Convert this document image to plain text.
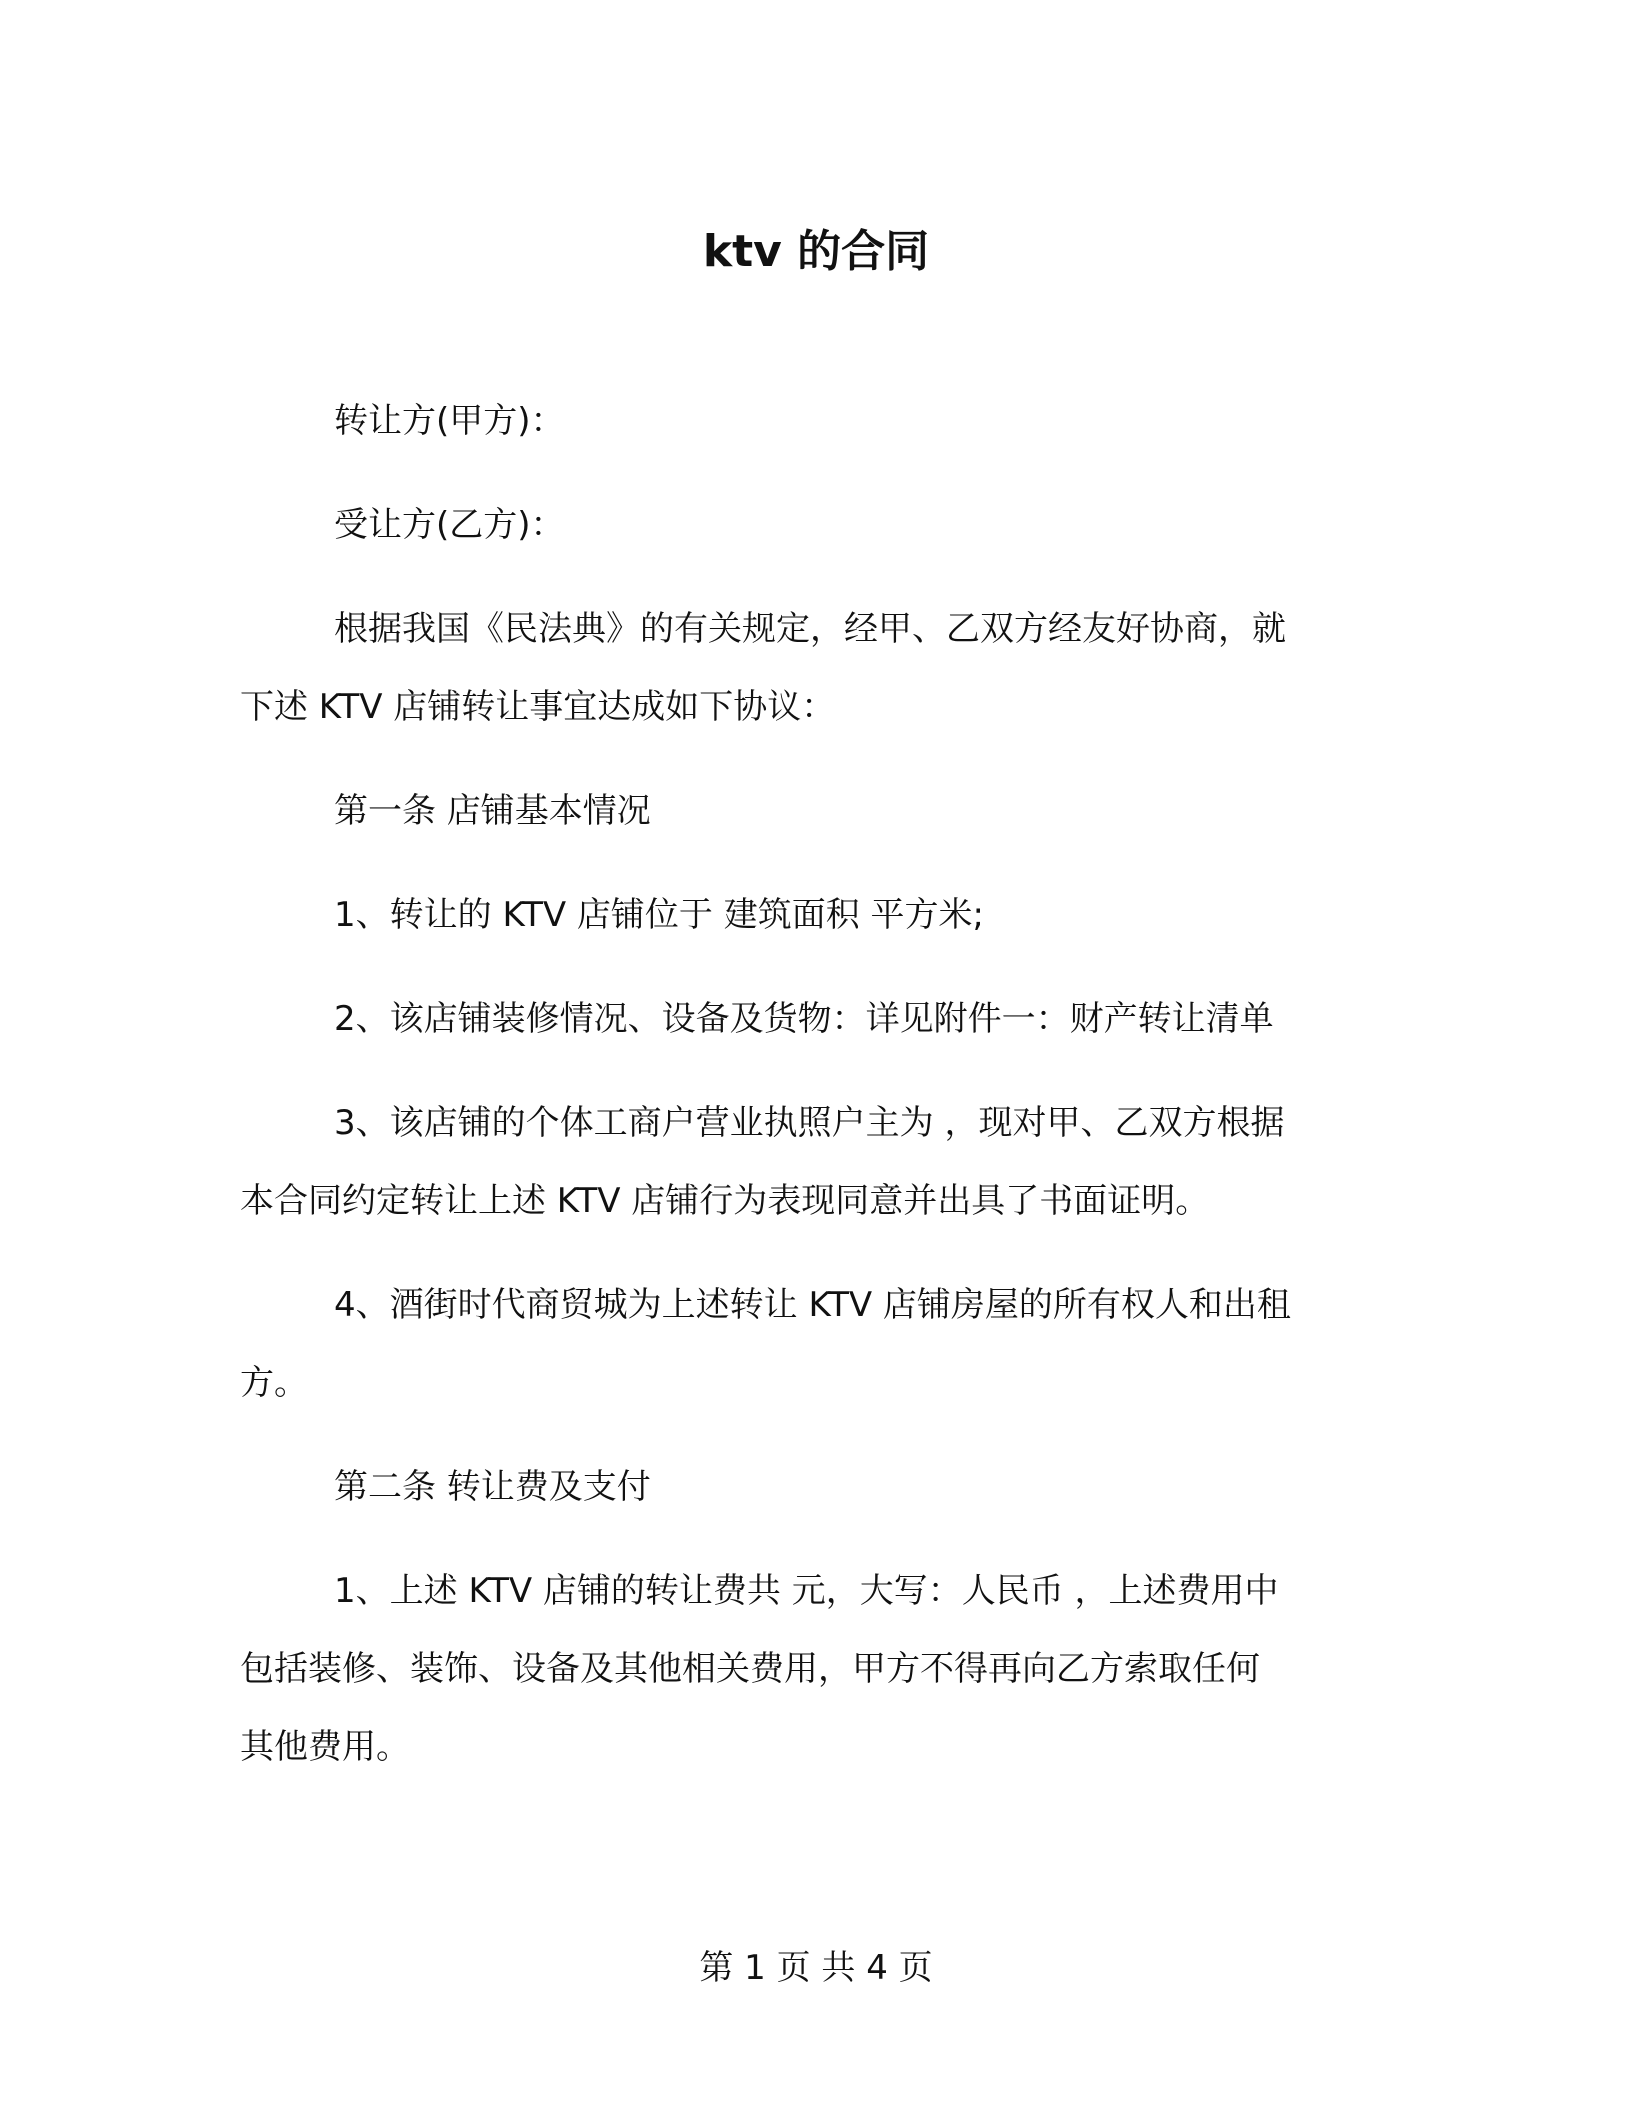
ktv 的合同

转让方(甲方)：

受让方(乙方)：

根据我国《民法典》的有关规定，经甲、乙双方经友好协商，就

下述 KTV 店铺转让事宜达成如下协议：

第一条 店铺基本情况

1、转让的 KTV 店铺位于 建筑面积 平方米;

2、该店铺装修情况、设备及货物：详见附件一：财产转让清单

3、该店铺的个体工商户营业执照户主为 ，现对甲、乙双方根据

本合同约定转让上述 KTV 店铺行为表现同意并出具了书面证明。

4、酒街时代商贸城为上述转让 KTV 店铺房屋的所有权人和出租

方。

第二条 转让费及支付

1、上述 KTV 店铺的转让费共 元，大写：人民币 ，上述费用中

包括装修、装饰、设备及其他相关费用，甲方不得再向乙方索取任何

其他费用。

第 1 页 共 4 页
